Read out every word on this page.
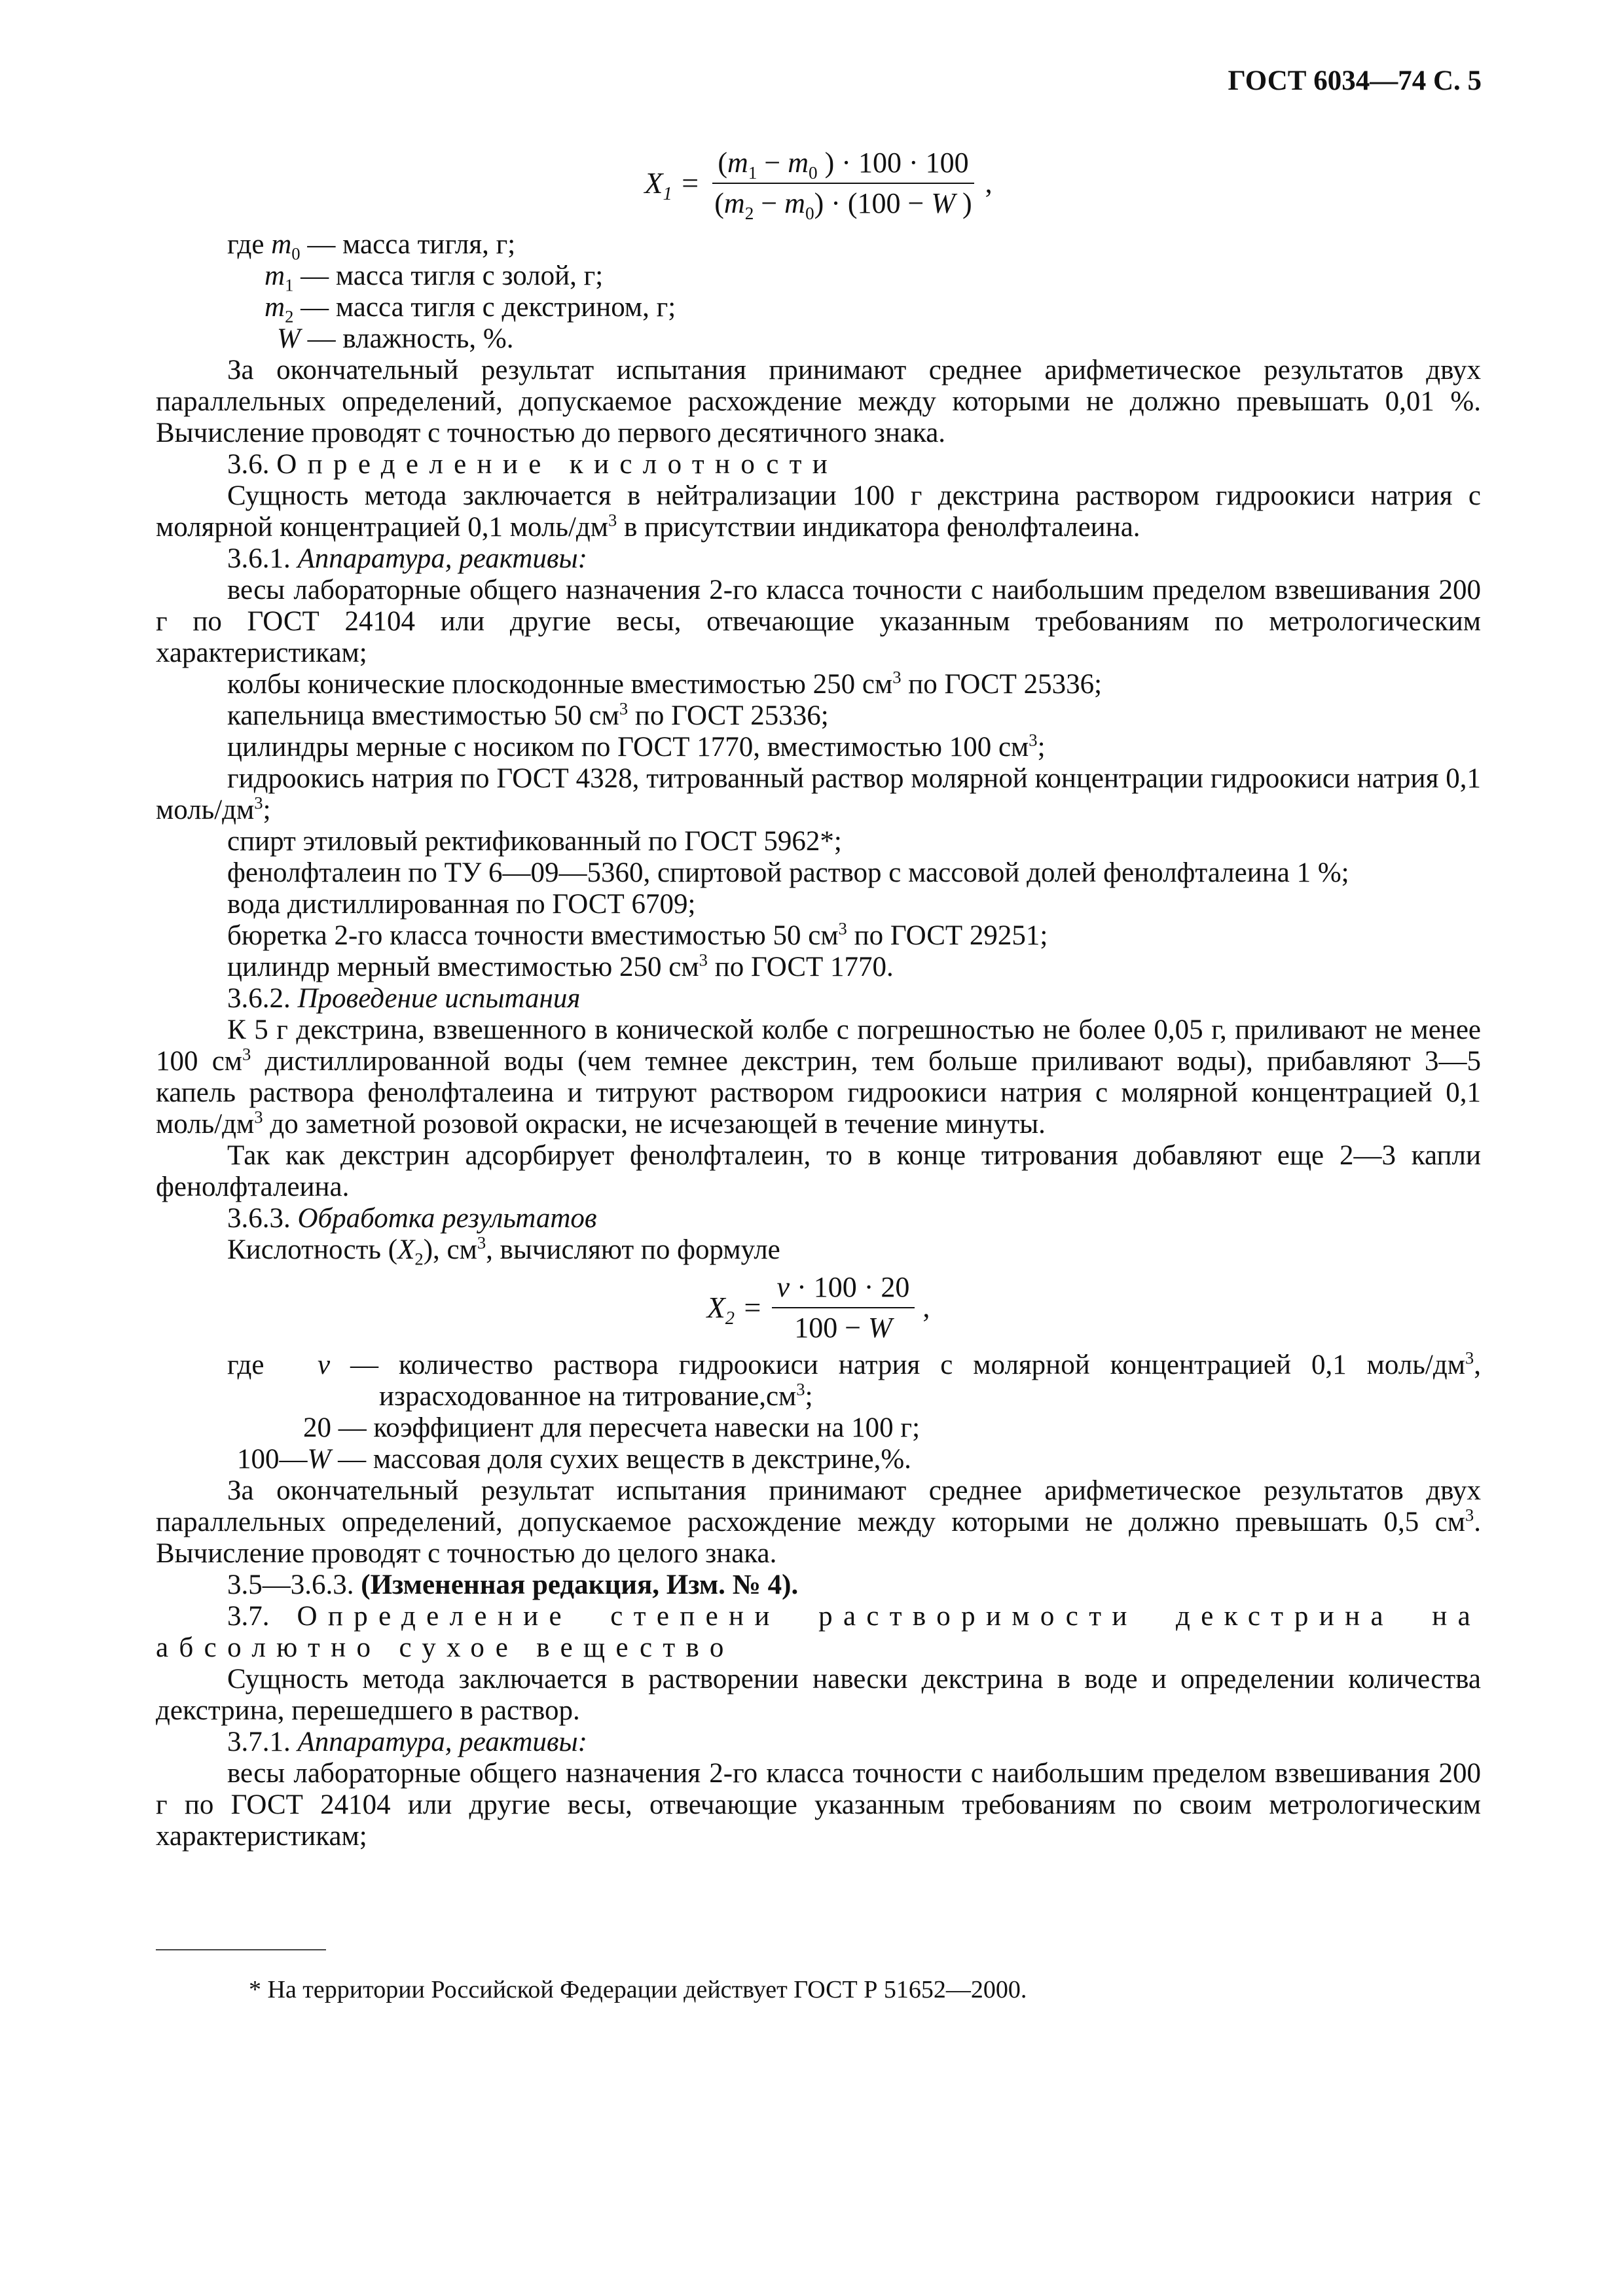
ГОСТ 6034—74 С. 5
$X_1 = \frac{(m_1 - m_0 ) \cdot 100 \cdot 100}{(m_2 - m_0) \cdot (100 - W )}$ ,
где $m_0$ — масса тигля, г;
$m_1$ — масса тигля с золой, г;
$m_2$ — масса тигля с декстрином, г;
W — влажность, %.

За окончательный результат испытания принимают среднее арифметическое результатов двух параллельных определений, допускаемое расхождение между которыми не должно превышать 0,01 %. Вычисление проводят с точностью до первого десятичного знака.

3.6. Определение кислотности

Сущность метода заключается в нейтрализации 100 г декстрина раствором гидроокиси натрия с молярной концентрацией 0,1 моль/$дм^3$ в присутствии индикатора фенолфталеина.

3.6.1. Аппаратура, реактивы:

весы лабораторные общего назначения 2-го класса точности с наибольшим пределом взвешивания 200 г по ГОСТ 24104 или другие весы, отвечающие указанным требованиям по метрологическим характеристикам;

колбы конические плоскодонные вместимостью 250 $см^3$ по ГОСТ 25336;

капельница вместимостью 50 $см^3$ по ГОСТ 25336;

цилиндры мерные с носиком по ГОСТ 1770, вместимостью 100 $см^3$;

гидроокись натрия по ГОСТ 4328, титрованный раствор молярной концентрации гидроокиси натрия 0,1 моль/$дм^3$;

спирт этиловый ректификованный по ГОСТ 5962*;

фенолфталеин по ТУ 6—09—5360, спиртовой раствор с массовой долей фенолфталеина 1 %;

вода дистиллированная по ГОСТ 6709;

бюретка 2-го класса точности вместимостью 50 $см^3$ по ГОСТ 29251;

цилиндр мерный вместимостью 250 $см^3$ по ГОСТ 1770.

3.6.2. Проведение испытания

К 5 г декстрина, взвешенного в конической колбе с погрешностью не более 0,05 г, приливают не менее 100 $см^3$ дистиллированной воды (чем темнее декстрин, тем больше приливают воды), прибавляют 3—5 капель раствора фенолфталеина и титруют раствором гидроокиси натрия с молярной концентрацией 0,1 моль/$дм^3$ до заметной розовой окраски, не исчезающей в течение минуты.

Так как декстрин адсорбирует фенолфталеин, то в конце титрования добавляют еще 2—3 капли фенолфталеина.

3.6.3. Обработка результатов

Кислотность $(X_2)$, $см^3$, вычисляют по формуле

$X_2 = \frac{v \cdot 100 \cdot 20}{100 - W}$ ,
где	v — количество раствора гидроокиси натрия с молярной концентрацией 0,1 моль/$дм^3$,
израсходованное на $титрование,см^3$;
20 — коэффициент для пересчета навески на 100 г;
100—W — массовая доля сухих веществ в декстрине,%.

За окончательный результат испытания принимают среднее арифметическое результатов двух параллельных определений, допускаемое расхождение между которыми не должно превышать 0,5 $см^3$. Вычисление проводят с точностью до целого знака.

3.5—3.6.3. (Измененная редакция, Изм. № 4).

3.7. Определение степени растворимости декстрина на абсолютно сухое вещество

Сущность метода заключается в растворении навески декстрина в воде и определении количества декстрина, перешедшего в раствор.

3.7.1. Аппаратура, реактивы:

весы лабораторные общего назначения 2-го класса точности с наибольшим пределом взвешивания 200 г по ГОСТ 24104 или другие весы, отвечающие указанным требованиям по своим метрологическим характеристикам;

* На территории Российской Федерации действует ГОСТ Р 51652—2000.
